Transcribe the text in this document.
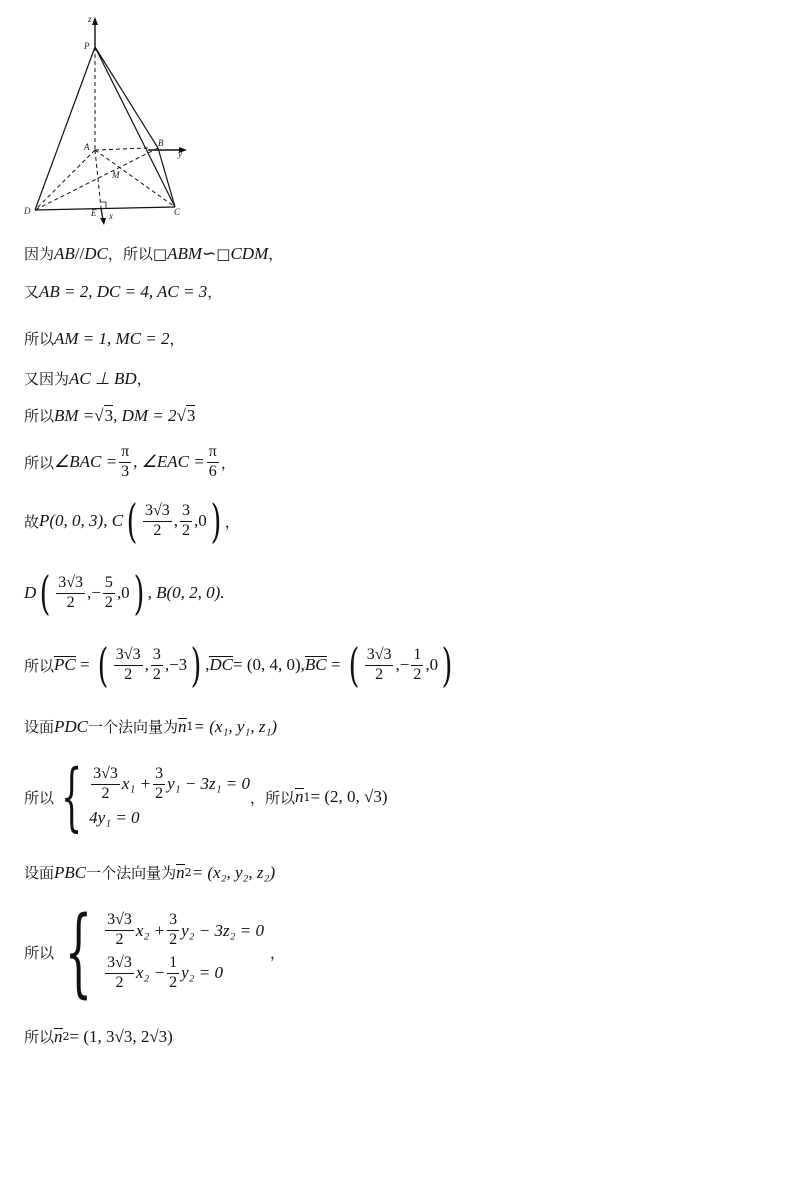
z
P
A	B
y
M
D	E x	C
因为 AB // DC ，所以 □ ABM ∽ □ CDM ，
又 AB = 2, DC = 4, AC = 3 ，
所以 AM = 1, MC = 2 ，
又因为 AC ⊥ BD ，
所以 BM = √ 3 , DM = 2 √ 3
所以 ∠BAC = $\frac{\pi}{3}$ , ∠EAC = $\frac{\pi}{6}$ ，
故 P(0, 0, 3), C ( $\frac{3√3}{2}$ , $\frac{3}{2}$ , 0 ) ，
D ( $\frac{3√3}{2}$ , − $\frac{5}{2}$ , 0 ) , B(0, 2, 0).
所以 PC = ( $\frac{3√3}{2}$ , $\frac{3}{2}$ , −3 ) , DC = (0, 4, 0), BC = ( $\frac{3√3}{2}$ , − $\frac{1}{2}$ , 0 )
设面 PDC 一个法向量为 n 1 = (x₁, y₁, z₁)
所以 { $\frac{3√3}{2} x_1 + \frac{3}{2} y_1 - 3z_1 = 0$
4y₁ = 0
，所以 n 1 = (2, 0, √3)
设面 PBC 一个法向量为 n 2 = (x₂, y₂, z₂)
所以 { $\frac{3√3}{2} x_2 + \frac{3}{2} y_2 - 3z_2 = 0$
$\frac{3√3}{2} x_2 - \frac{1}{2} y_2 = 0$
，
所以 n 2 = (1, 3√3, 2√3)
